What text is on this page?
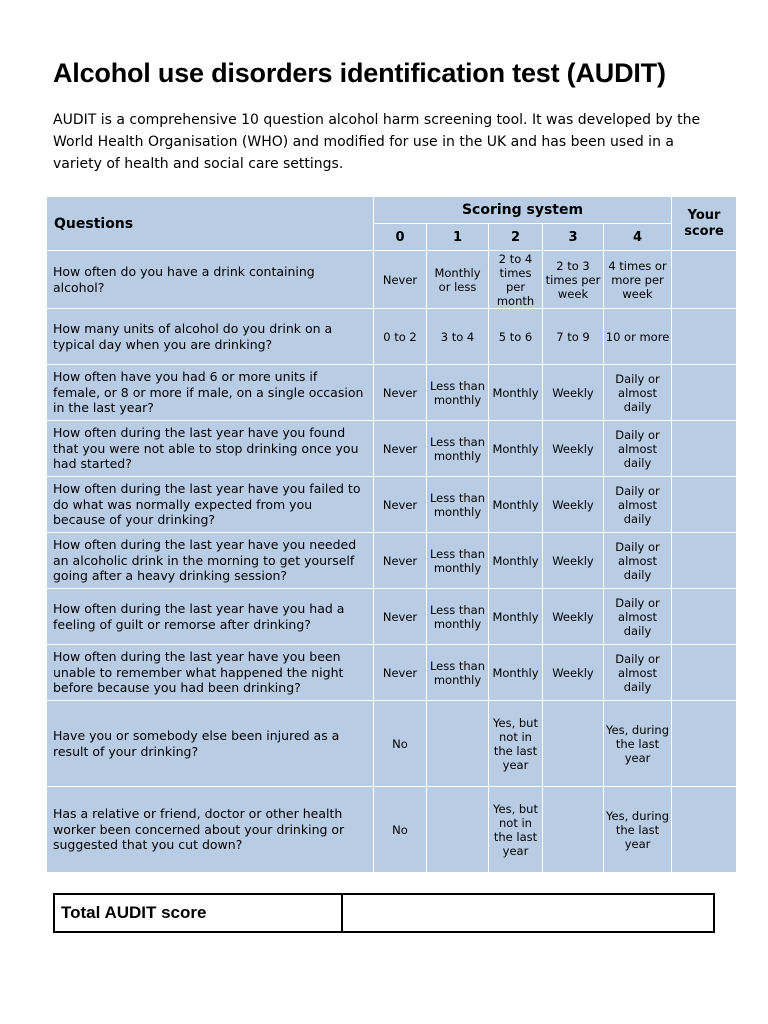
Alcohol use disorders identification test (AUDIT)

AUDIT is a comprehensive 10 question alcohol harm screening tool. It was developed by the World Health Organisation (WHO) and modified for use in the UK and has been used in a variety of health and social care settings.

Questions	Scoring system					Your score
	0	1	2	3	4	
How often do you have a drink containing alcohol?	Never	Monthly or less	2 to 4 times per month	2 to 3 times per week	4 times or more per week	
How many units of alcohol do you drink on a typical day when you are drinking?	0 to 2	3 to 4	5 to 6	7 to 9	10 or more	
How often have you had 6 or more units if female, or 8 or more if male, on a single occasion in the last year?	Never	Less than monthly	Monthly	Weekly	Daily or almost daily	
How often during the last year have you found that you were not able to stop drinking once you had started?	Never	Less than monthly	Monthly	Weekly	Daily or almost daily	
How often during the last year have you failed to do what was normally expected from you because of your drinking?	Never	Less than monthly	Monthly	Weekly	Daily or almost daily	
How often during the last year have you needed an alcoholic drink in the morning to get yourself going after a heavy drinking session?	Never	Less than monthly	Monthly	Weekly	Daily or almost daily	
How often during the last year have you had a feeling of guilt or remorse after drinking?	Never	Less than monthly	Monthly	Weekly	Daily or almost daily	
How often during the last year have you been unable to remember what happened the night before because you had been drinking?	Never	Less than monthly	Monthly	Weekly	Daily or almost daily	
Have you or somebody else been injured as a result of your drinking?	No		Yes, but not in the last year		Yes, during the last year	
Has a relative or friend, doctor or other health worker been concerned about your drinking or suggested that you cut down?	No		Yes, but not in the last year		Yes, during the last year	
Total AUDIT score
